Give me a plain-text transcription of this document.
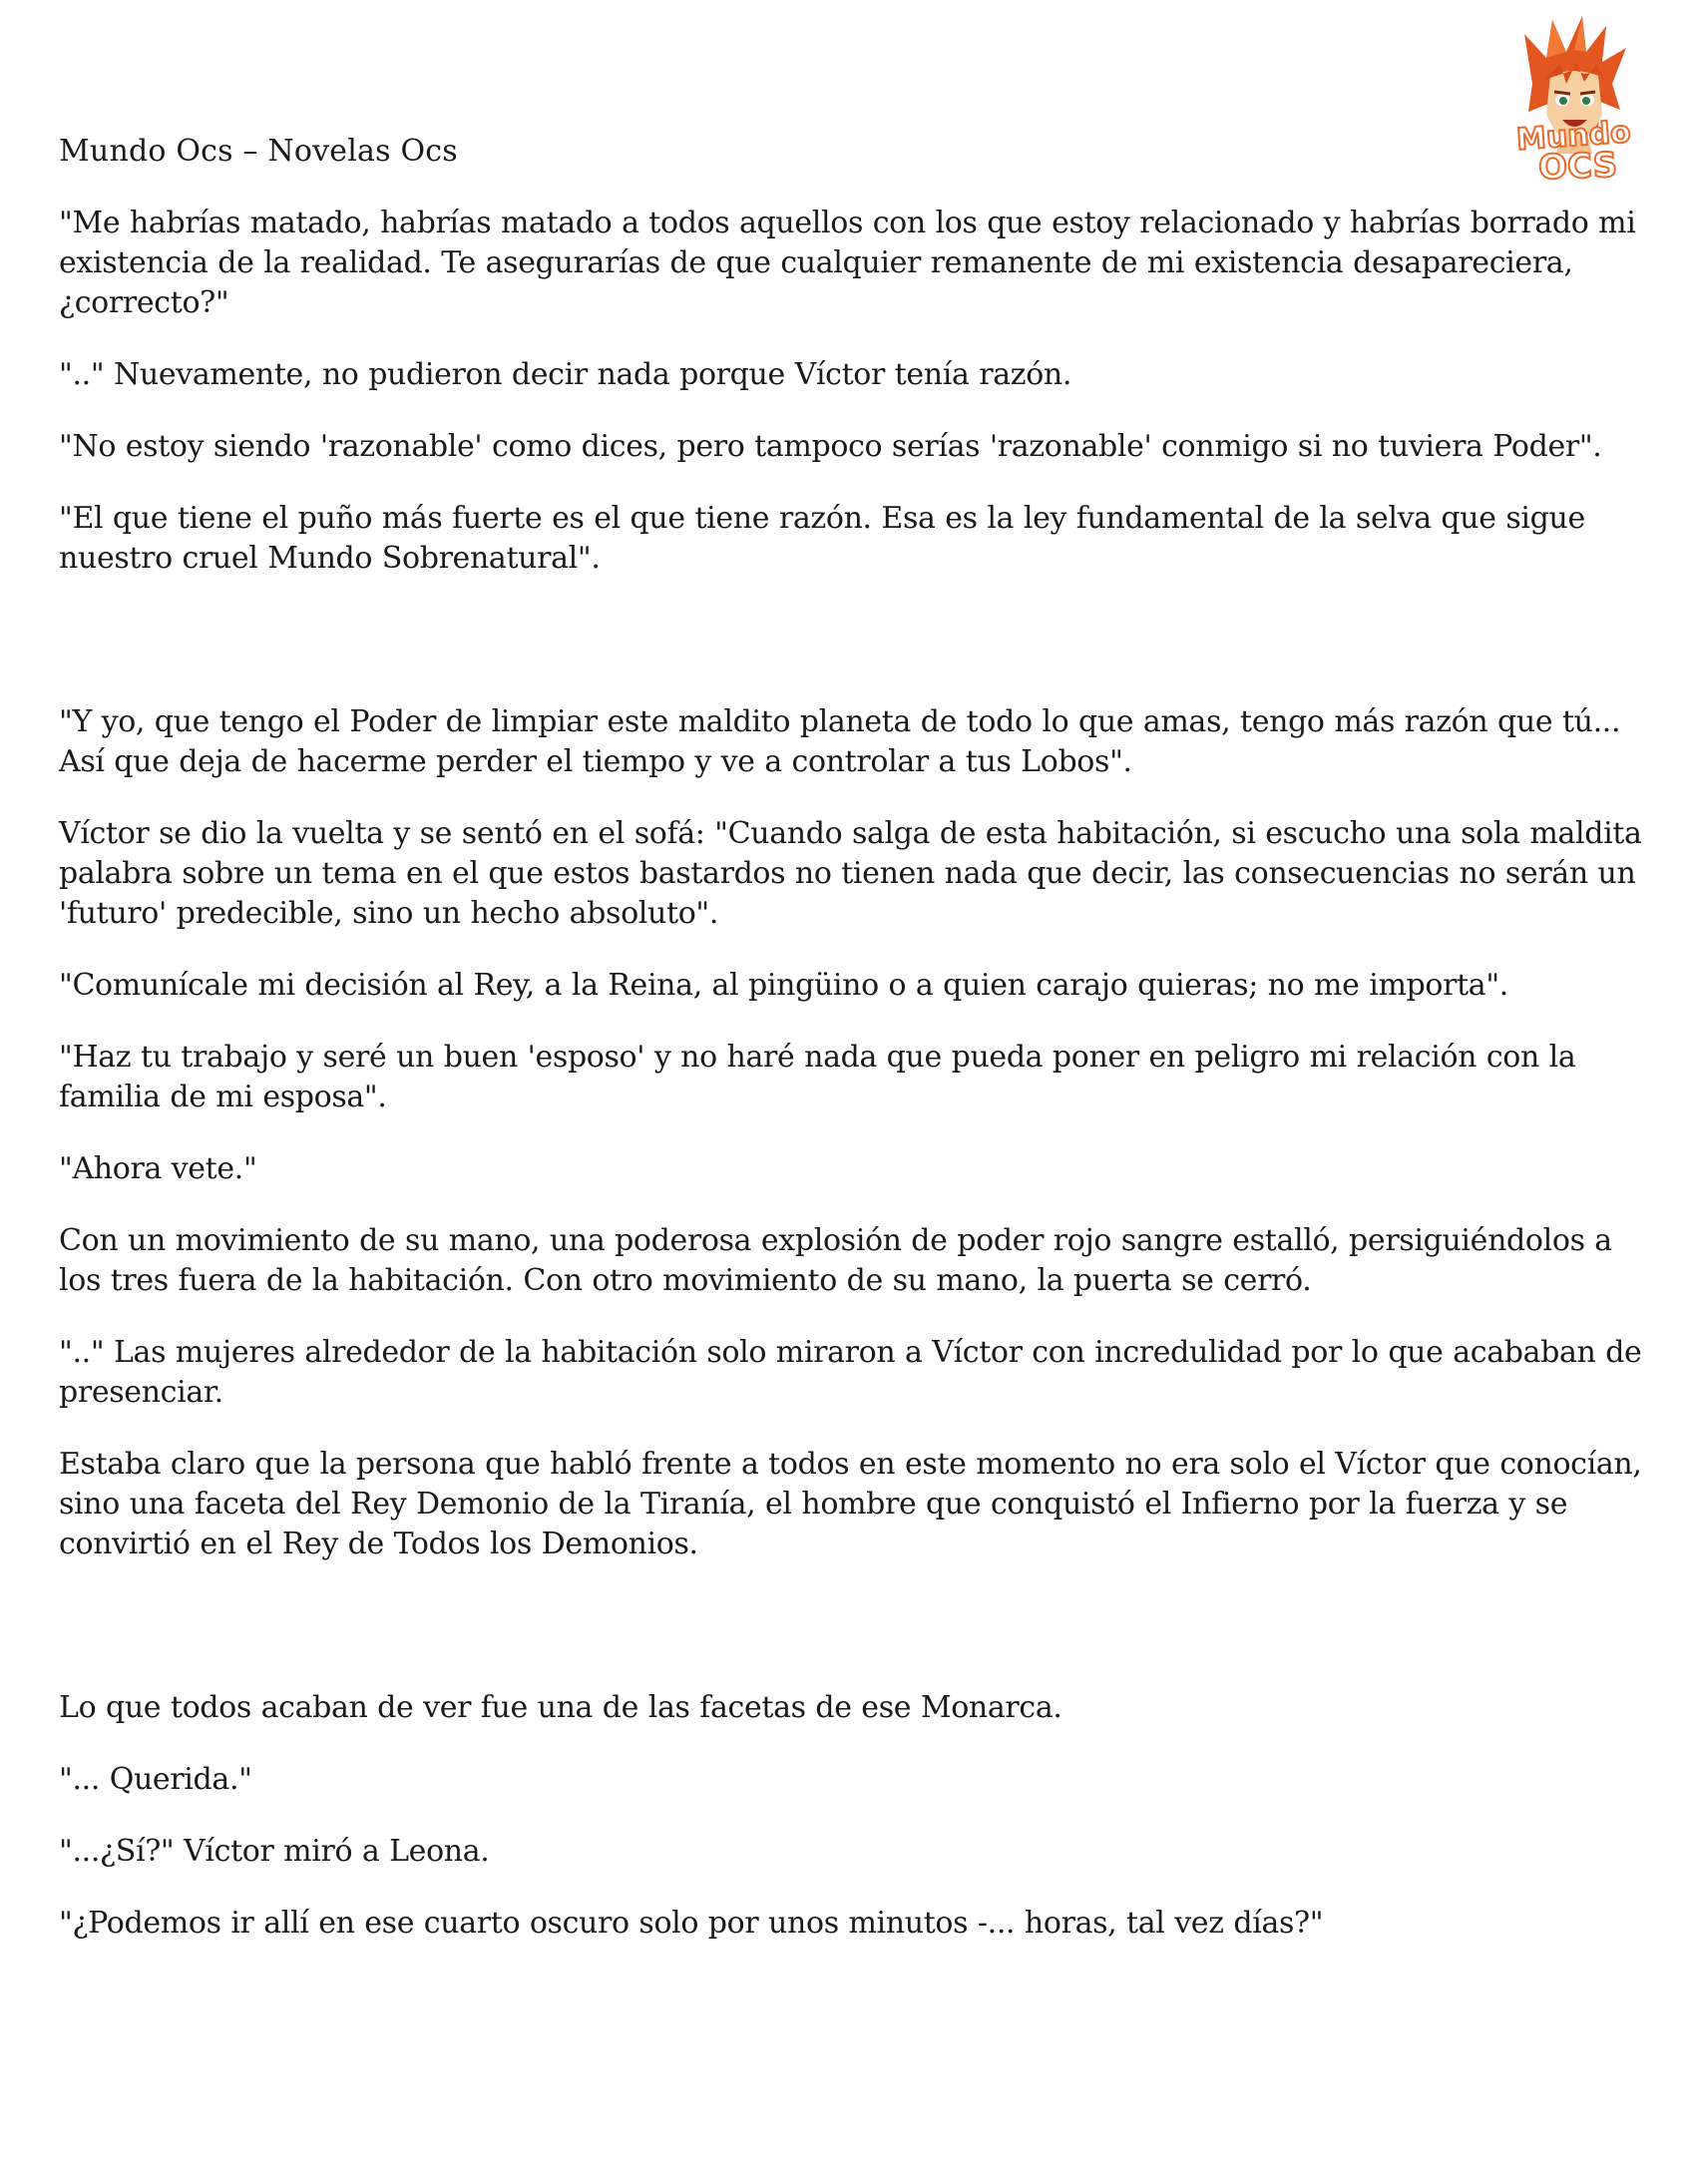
Mundo Ocs – Novelas Ocs	Mundo
OCS

"Me habrías matado, habrías matado a todos aquellos con los que estoy relacionado y habrías borrado mi existencia de la realidad. Te asegurarías de que cualquier remanente de mi existencia desapareciera, ¿correcto?"

".." Nuevamente, no pudieron decir nada porque Víctor tenía razón.

"No estoy siendo 'razonable' como dices, pero tampoco serías 'razonable' conmigo si no tuviera Poder".

"El que tiene el puño más fuerte es el que tiene razón. Esa es la ley fundamental de la selva que sigue nuestro cruel Mundo Sobrenatural".

"Y yo, que tengo el Poder de limpiar este maldito planeta de todo lo que amas, tengo más razón que tú... Así que deja de hacerme perder el tiempo y ve a controlar a tus Lobos".

Víctor se dio la vuelta y se sentó en el sofá: "Cuando salga de esta habitación, si escucho una sola maldita palabra sobre un tema en el que estos bastardos no tienen nada que decir, las consecuencias no serán un 'futuro' predecible, sino un hecho absoluto".

"Comunícale mi decisión al Rey, a la Reina, al pingüino o a quien carajo quieras; no me importa".

"Haz tu trabajo y seré un buen 'esposo' y no haré nada que pueda poner en peligro mi relación con la familia de mi esposa".

"Ahora vete."

Con un movimiento de su mano, una poderosa explosión de poder rojo sangre estalló, persiguiéndolos a los tres fuera de la habitación. Con otro movimiento de su mano, la puerta se cerró.

".." Las mujeres alrededor de la habitación solo miraron a Víctor con incredulidad por lo que acababan de presenciar.

Estaba claro que la persona que habló frente a todos en este momento no era solo el Víctor que conocían, sino una faceta del Rey Demonio de la Tiranía, el hombre que conquistó el Infierno por la fuerza y se convirtió en el Rey de Todos los Demonios.

Lo que todos acaban de ver fue una de las facetas de ese Monarca.

"... Querida."

"...¿Sí?" Víctor miró a Leona.

"¿Podemos ir allí en ese cuarto oscuro solo por unos minutos -... horas, tal vez días?"
